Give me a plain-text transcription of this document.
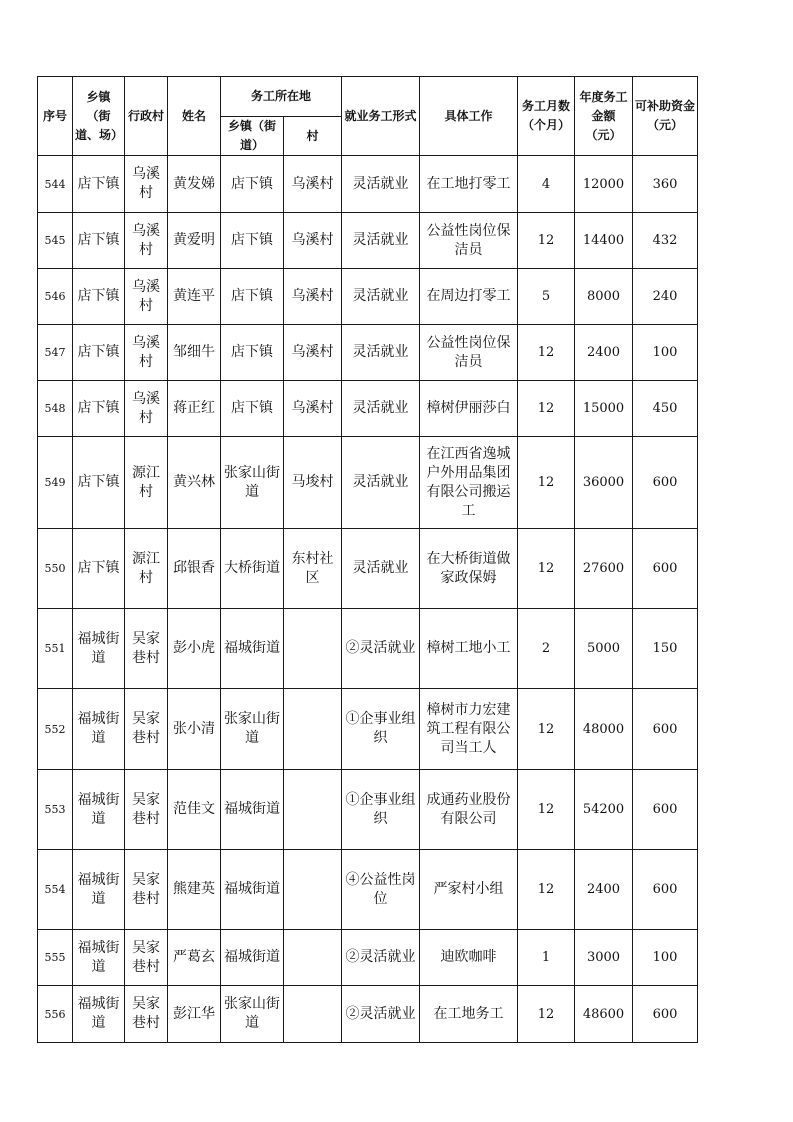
序号	乡镇（街道、场）	行政村	姓名	务工所在地		就业务工形式	具体工作	务工月数（个月）	年度务工金额（元）	可补助资金（元）

				乡镇（街道）	村					

544	店下镇	乌溪村	黄发娣	店下镇	乌溪村	灵活就业	在工地打零工	4	12000	360

545	店下镇	乌溪村	黄爱明	店下镇	乌溪村	灵活就业	公益性岗位保洁员	12	14400	432

546	店下镇	乌溪村	黄连平	店下镇	乌溪村	灵活就业	在周边打零工	5	8000	240

547	店下镇	乌溪村	邹细牛	店下镇	乌溪村	灵活就业	公益性岗位保洁员	12	2400	100

548	店下镇	乌溪村	蒋正红	店下镇	乌溪村	灵活就业	樟树伊丽莎白	12	15000	450

549	店下镇	源江村	黄兴林	张家山街道	马埈村	灵活就业	在江西省逸城户外用品集团有限公司搬运工	12	36000	600

550	店下镇	源江村	邱银香	大桥街道	东村社区	灵活就业	在大桥街道做家政保姆	12	27600	600

551	福城街道	吴家巷村	彭小虎	福城街道		②灵活就业	樟树工地小工	2	5000	150

552	福城街道	吴家巷村	张小清	张家山街道		①企事业组织	樟树市力宏建筑工程有限公司当工人	12	48000	600

553	福城街道	吴家巷村	范佳文	福城街道		①企事业组织	成通药业股份有限公司	12	54200	600

554	福城街道	吴家巷村	熊建英	福城街道		④公益性岗位	严家村小组	12	2400	600

555	福城街道	吴家巷村	严葛玄	福城街道		②灵活就业	迪欧咖啡	1	3000	100

556	福城街道	吴家巷村	彭江华	张家山街道		②灵活就业	在工地务工	12	48600	600
